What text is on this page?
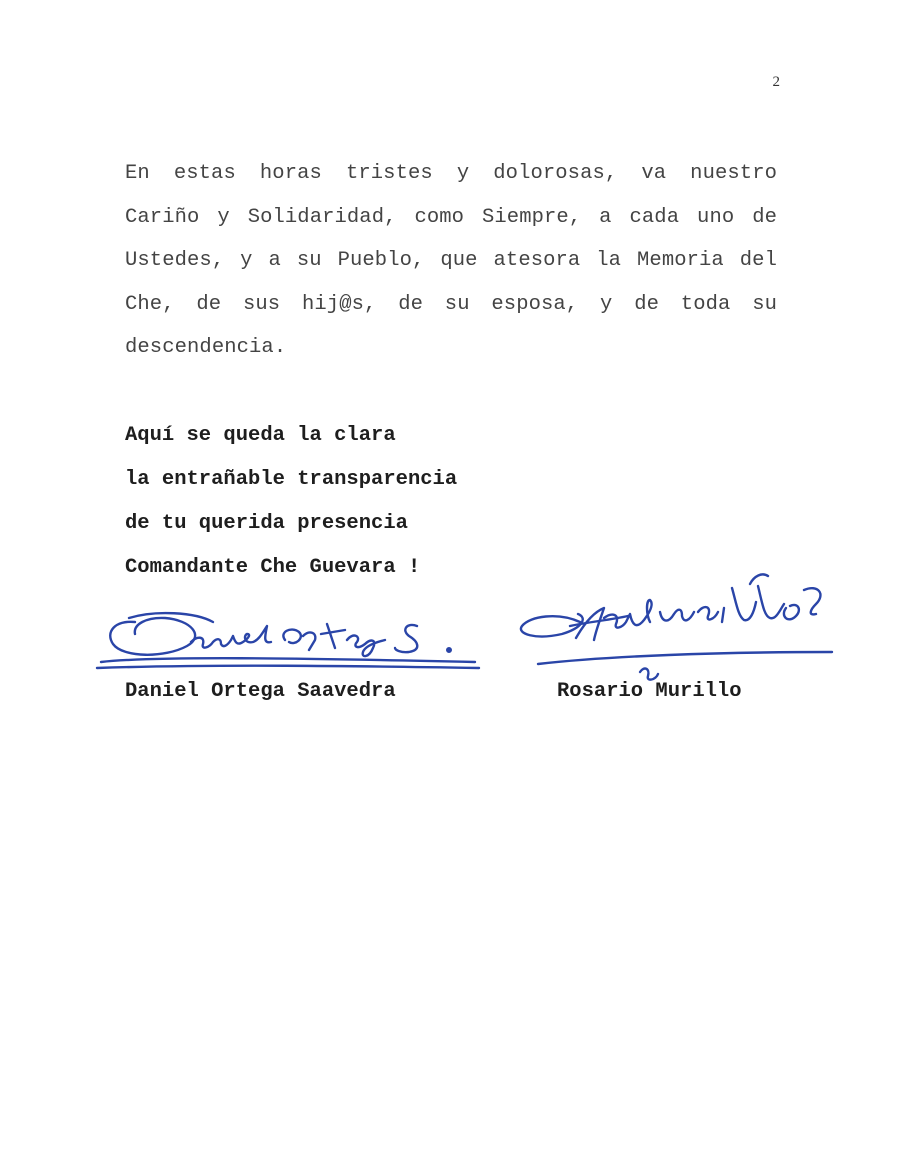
2

En estas horas tristes y dolorosas, va nuestro Cariño y Solidaridad, como Siempre, a cada uno de Ustedes, y a su Pueblo, que atesora la Memoria del Che, de sus hij@s, de su esposa, y de toda su descendencia.

Aquí se queda la clara
la entrañable transparencia
de tu querida presencia
Comandante Che Guevara !
Daniel Ortega Saavedra	Rosario Murillo
